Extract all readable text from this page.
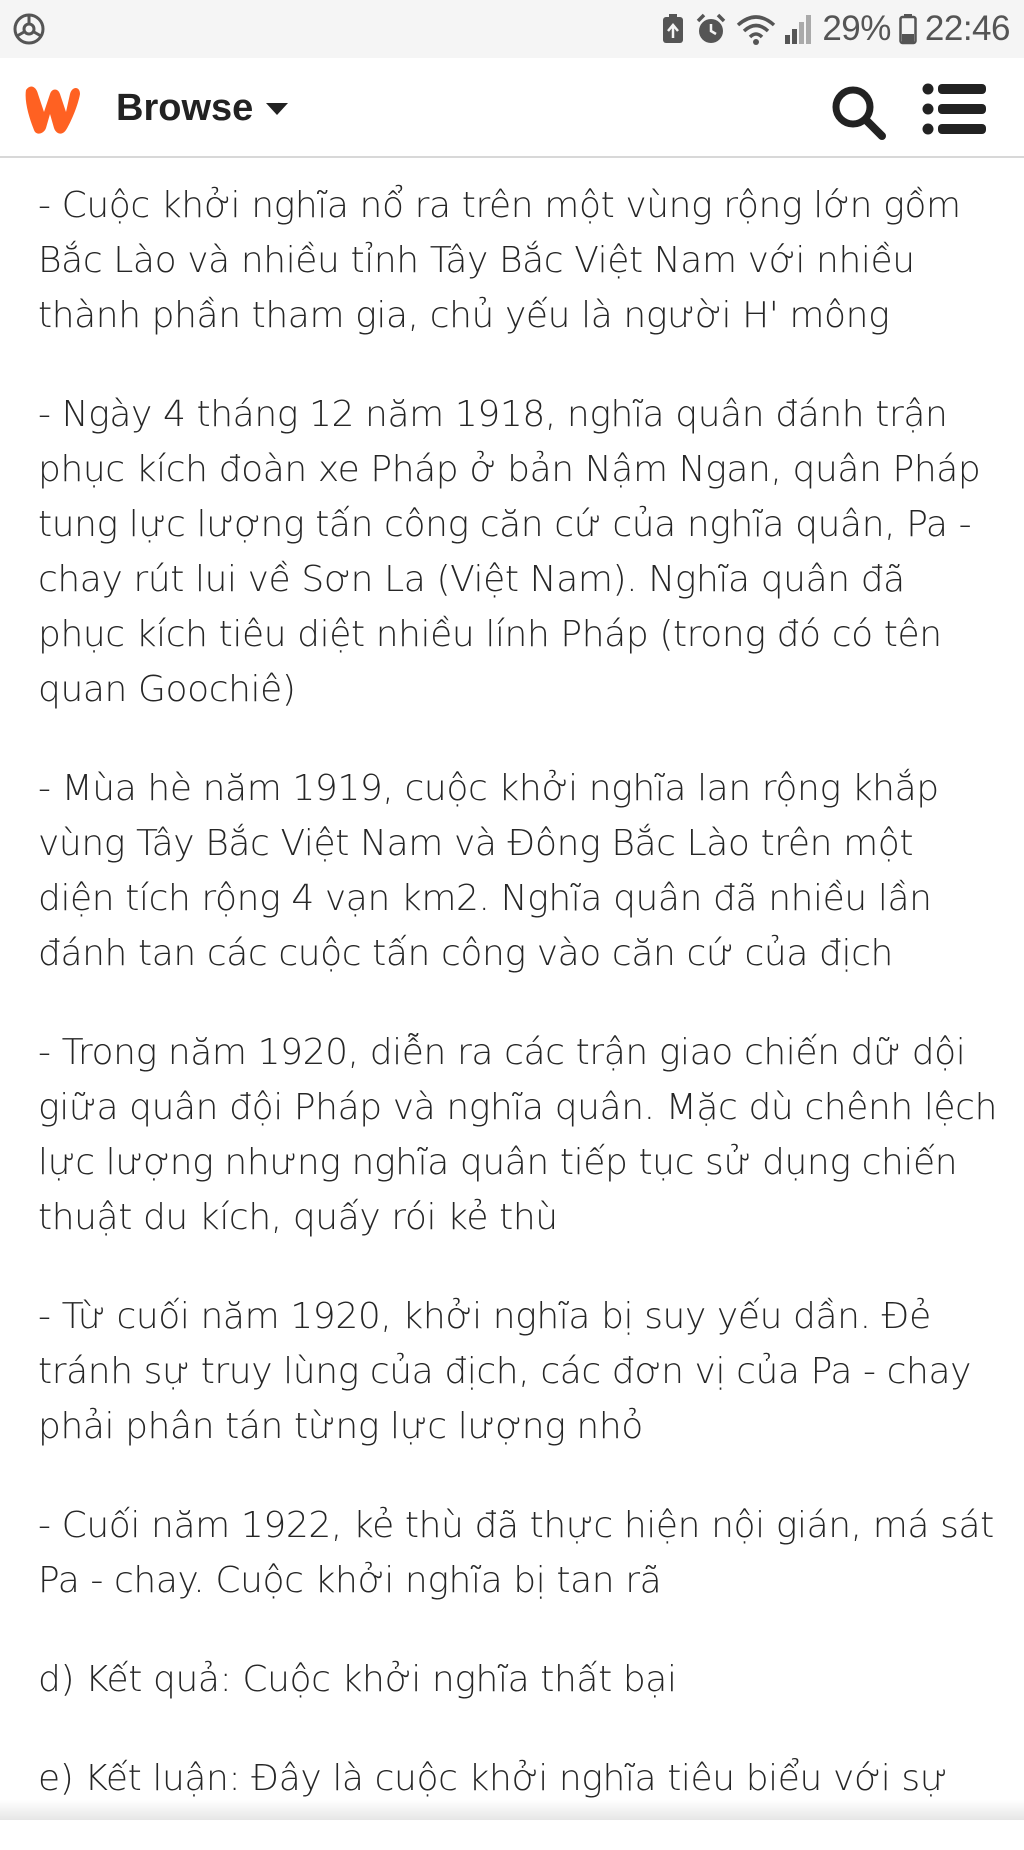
29% 22:46
Browse

- Cuộc khởi nghĩa nổ ra trên một vùng rộng lớn gồm Bắc Lào và nhiều tỉnh Tây Bắc Việt Nam với nhiều thành phần tham gia, chủ yếu là người H' mông

- Ngày 4 tháng 12 năm 1918, nghĩa quân đánh trận phục kích đoàn xe Pháp ở bản Nậm Ngan, quân Pháp tung lực lượng tấn công căn cứ của nghĩa quân, Pa - chay rút lui về Sơn La (Việt Nam). Nghĩa quân đã phục kích tiêu diệt nhiều lính Pháp (trong đó có tên quan Goochiê)

- Mùa hè năm 1919, cuộc khởi nghĩa lan rộng khắp vùng Tây Bắc Việt Nam và Đông Bắc Lào trên một diện tích rộng 4 vạn km2. Nghĩa quân đã nhiều lần đánh tan các cuộc tấn công vào căn cứ của địch

- Trong năm 1920, diễn ra các trận giao chiến dữ dội giữa quân đội Pháp và nghĩa quân. Mặc dù chênh lệch lực lượng nhưng nghĩa quân tiếp tục sử dụng chiến thuật du kích, quấy rói kẻ thù

- Từ cuối năm 1920, khởi nghĩa bị suy yếu dần. Đẻ tránh sự truy lùng của địch, các đơn vị của Pa - chay phải phân tán từng lực lượng nhỏ

- Cuối năm 1922, kẻ thù đã thực hiện nội gián, má sát Pa - chay. Cuộc khởi nghĩa bị tan rã

d) Kết quả: Cuộc khởi nghĩa thất bại

e) Kết luận: Đây là cuộc khởi nghĩa tiêu biểu với sự
